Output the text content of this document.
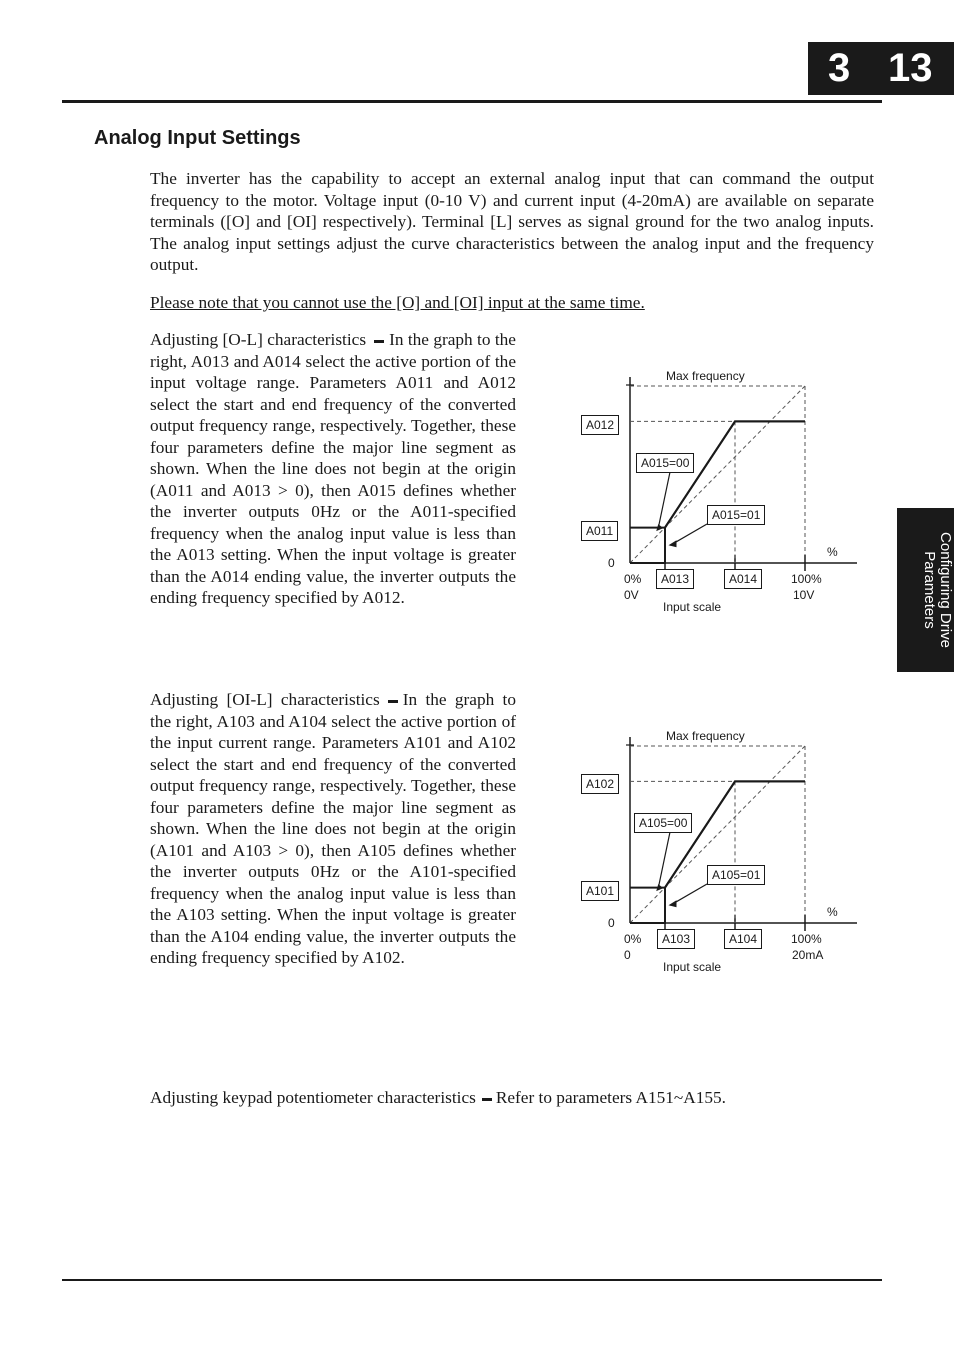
3 13
Configuring Drive
Parameters
Analog Input Settings
The inverter has the capability to accept an external analog input that can command the output frequency to the motor. Voltage input (0-10 V) and current input (4-20mA) are available on separate terminals ([O] and [OI] respectively). Terminal [L] serves as signal ground for the two analog inputs. The analog input settings adjust the curve characteristics between the analog input and the frequency output.
Please note that you cannot use the [O] and [OI] input at the same time.
Adjusting [O-L] characteristics In the graph to the right, A013 and A014 select the active portion of the input voltage range. Parameters A011 and A012 select the start and end frequency of the converted output frequency range, respectively. Together, these four parameters define the major line segment as shown. When the line does not begin at the origin (A011 and A013 > 0), then A015 defines whether the inverter outputs 0Hz or the A011-specified frequency when the analog input value is less than the A013 setting. When the input voltage is greater than the A014 ending value, the inverter outputs the ending frequency specified by A012.
Adjusting [OI-L] characteristics In the graph to the right, A103 and A104 select the active portion of the input current range. Parameters A101 and A102 select the start and end frequency of the converted output frequency range, respectively. Together, these four parameters define the major line segment as shown. When the line does not begin at the origin (A101 and A103 > 0), then A105 defines whether the inverter outputs 0Hz or the A101-specified frequency when the analog input value is less than the A103 setting. When the input voltage is greater than the A104 ending value, the inverter outputs the ending frequency specified by A102.
Max frequency
A012
A011
A015=00
A015=01
%
0
0%	A013	A014	100%
0V	10V
Input scale
Max frequency
A102
A101
A105=00
A105=01
%
0
0%	A103	A104	100%
0	20mA
Input scale
Adjusting keypad potentiometer characteristics Refer to parameters A151~A155.
